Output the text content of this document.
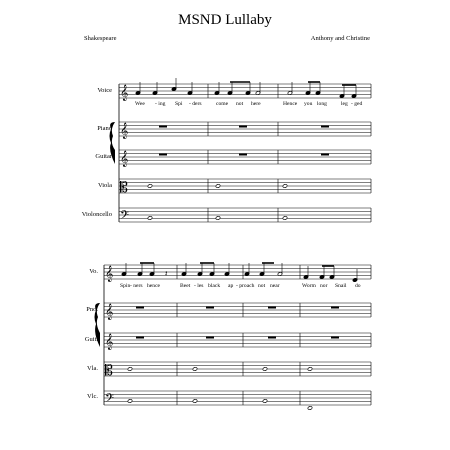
𝄞
𝄞
𝄞
𝄡
𝄢
𝄞
𝄞
𝄞
𝄡
𝄢
𝄽
MSND Lullaby
Shakespeare	Anthony and Christine
Voice
Piano
Guitar
Viola
Violoncello
Wee - ing Spi - ders	come not here	Hence you long	leg - ged
Vo.
Pno.
Guit.
Vla.
Vlc.
Spin - ners hence	Beet - les black ap - proach not near	Worm nor Snail do
